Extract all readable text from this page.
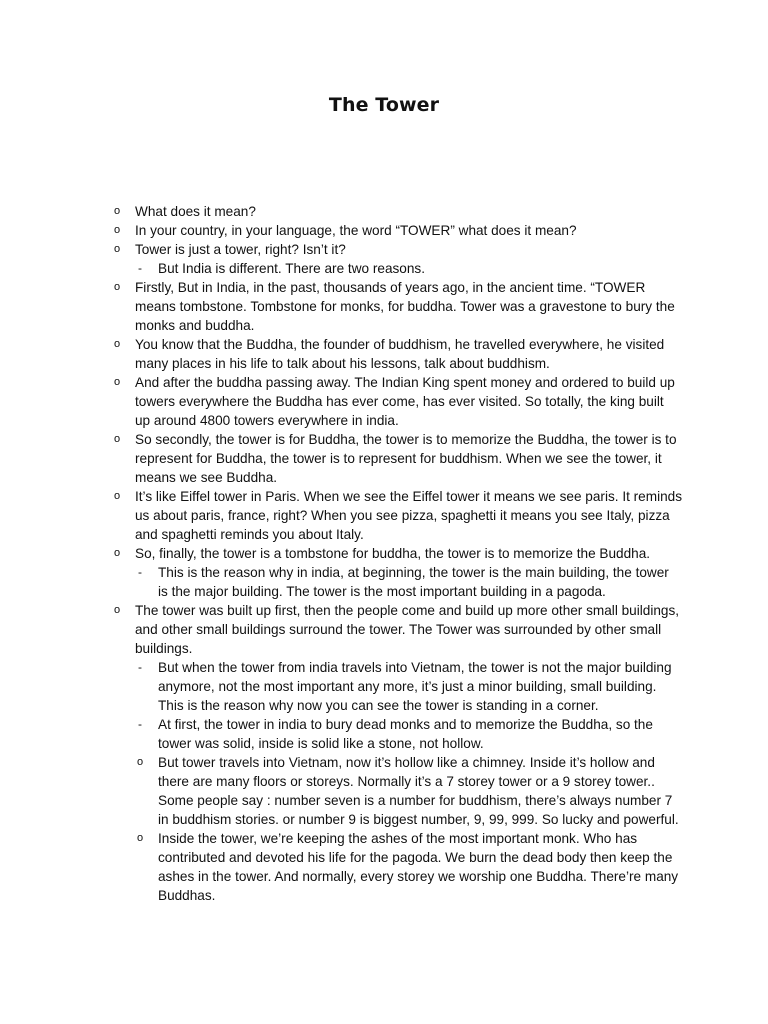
The Tower
o What does it mean?
o In your country, in your language, the word “TOWER” what does it mean?
o Tower is just a tower, right? Isn’t it?
-	But India is different. There are two reasons.
o Firstly, But in India, in the past, thousands of years ago, in the ancient time. “TOWER means tombstone. Tombstone for monks, for buddha. Tower was a gravestone to bury the monks and buddha.
o You know that the Buddha, the founder of buddhism, he travelled everywhere, he visited many places in his life to talk about his lessons, talk about buddhism.
o And after the buddha passing away. The Indian King spent money and ordered to build up towers everywhere the Buddha has ever come, has ever visited. So totally, the king built up around 4800 towers everywhere in india.
o So secondly, the tower is for Buddha, the tower is to memorize the Buddha, the tower is to represent for Buddha, the tower is to represent for buddhism. When we see the tower, it means we see Buddha.
o It’s like Eiffel tower in Paris. When we see the Eiffel tower it means we see paris. It reminds us about paris, france, right? When you see pizza, spaghetti it means you see Italy, pizza and spaghetti reminds you about Italy.
o So, finally, the tower is a tombstone for buddha, the tower is to memorize the Buddha.
-	This is the reason why in india, at beginning, the tower is the main building, the tower is the major building. The tower is the most important building in a pagoda.
o The tower was built up first, then the people come and build up more other small buildings, and other small buildings surround the tower. The Tower was surrounded by other small buildings.
-	But when the tower from india travels into Vietnam, the tower is not the major building anymore, not the most important any more, it’s just a minor building, small building. This is the reason why now you can see the tower is standing in a corner.
-	At first, the tower in india to bury dead monks and to memorize the Buddha, so the tower was solid, inside is solid like a stone, not hollow.
o But tower travels into Vietnam, now it’s hollow like a chimney. Inside it’s hollow and there are many floors or storeys. Normally it’s a 7 storey tower or a 9 storey tower.. Some people say : number seven is a number for buddhism, there’s always number 7 in buddhism stories. or number 9 is biggest number, 9, 99, 999. So lucky and powerful.
o Inside the tower, we’re keeping the ashes of the most important monk. Who has contributed and devoted his life for the pagoda. We burn the dead body then keep the ashes in the tower. And normally, every storey we worship one Buddha. There’re many Buddhas.
